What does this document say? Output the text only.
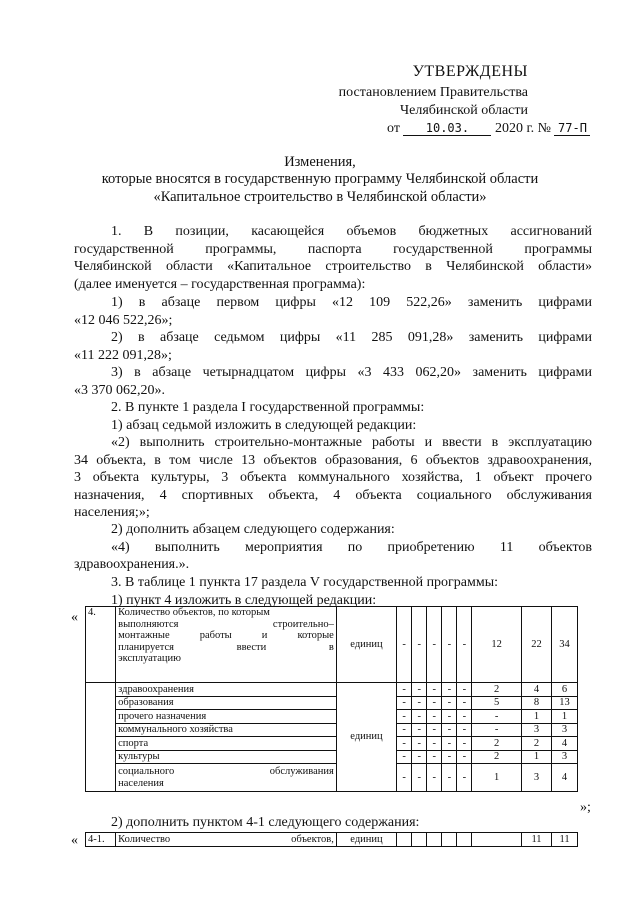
УТВЕРЖДЕНЫ
постановлением Правительства
Челябинской области
от 10.03. 2020 г. № 77-П
Изменения,
которые вносятся в государственную программу Челябинской области
«Капитальное строительство в Челябинской области»
1. В позиции, касающейся объемов бюджетных ассигнований
государственной программы, паспорта государственной программы
Челябинской области «Капитальное строительство в Челябинской области»
(далее именуется – государственная программа):
1) в абзаце первом цифры «12 109 522,26» заменить цифрами
«12 046 522,26»;
2) в абзаце седьмом цифры «11 285 091,28» заменить цифрами
«11 222 091,28»;
3) в абзаце четырнадцатом цифры «3 433 062,20» заменить цифрами
«3 370 062,20».
2. В пункте 1 раздела I государственной программы:
1) абзац седьмой изложить в следующей редакции:
«2) выполнить строительно-монтажные работы и ввести в эксплуатацию
34 объекта, в том числе 13 объектов образования, 6 объектов здравоохранения,
3 объекта культуры, 3 объекта коммунального хозяйства, 1 объект прочего
назначения, 4 спортивных объекта, 4 объекта социального обслуживания
населения;»;
2) дополнить абзацем следующего содержания:
«4) выполнить мероприятия по приобретению 11 объектов
здравоохранения.».
3. В таблице 1 пункта 17 раздела V государственной программы:
1) пункт 4 изложить в следующей редакции:
«
»;
4.	Количество объектов, по которым
выполняются строительно–
монтажные работы и которые
планируется ввести в
эксплуатацию	единиц	-	-	-	-	-	12	22	34
	здравоохранения	единиц	-	-	-	-	-	2	4	6
	образования		-	-	-	-	-	5	8	13
	прочего назначения		-	-	-	-	-	-	1	1
	коммунального хозяйства		-	-	-	-	-	-	3	3
	спорта		-	-	-	-	-	2	2	4
	культуры		-	-	-	-	-	2	1	3

	социального обслуживания
населения		-	-	-	-	-	1	3	4
2) дополнить пунктом 4-1 следующего содержания:
« 4-1.	Количество объектов,	единиц							11	11
